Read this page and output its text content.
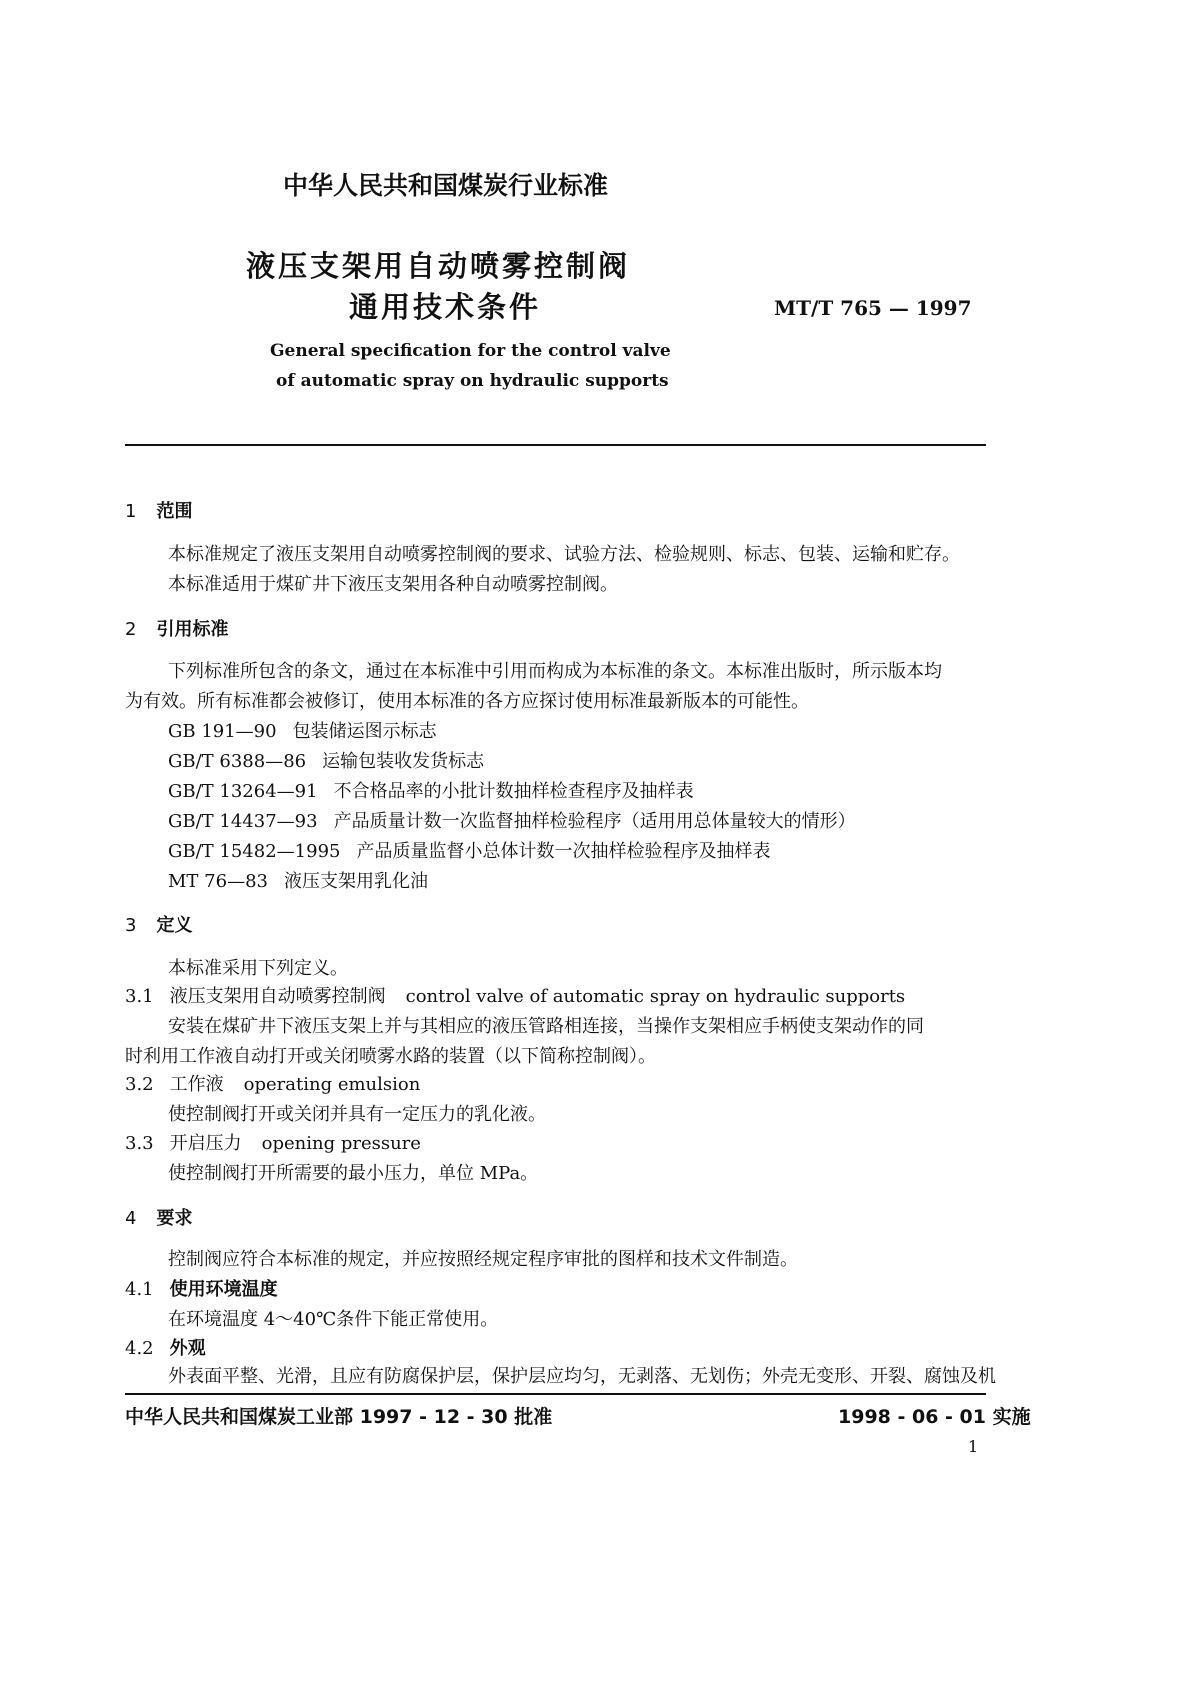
中华人民共和国煤炭行业标准
液压支架用自动喷雾控制阀
通用技术条件	MT/T 765 — 1997
General specification for the control valve
of automatic spray on hydraulic supports
1 范围
本标准规定了液压支架用自动喷雾控制阀的要求、试验方法、检验规则、标志、包装、运输和贮存。
本标准适用于煤矿井下液压支架用各种自动喷雾控制阀。
2 引用标准
下列标准所包含的条文，通过在本标准中引用而构成为本标准的条文。本标准出版时，所示版本均
为有效。所有标准都会被修订，使用本标准的各方应探讨使用标准最新版本的可能性。
GB 191—90 包装储运图示标志
GB/T 6388—86 运输包装收发货标志
GB/T 13264—91 不合格品率的小批计数抽样检查程序及抽样表
GB/T 14437—93 产品质量计数一次监督抽样检验程序（适用用总体量较大的情形）
GB/T 15482—1995 产品质量监督小总体计数一次抽样检验程序及抽样表
MT 76—83 液压支架用乳化油
3 定义
本标准采用下列定义。
3.1 液压支架用自动喷雾控制阀 control valve of automatic spray on hydraulic supports
安装在煤矿井下液压支架上并与其相应的液压管路相连接，当操作支架相应手柄使支架动作的同
时利用工作液自动打开或关闭喷雾水路的装置（以下简称控制阀）。
3.2 工作液 operating emulsion
使控制阀打开或关闭并具有一定压力的乳化液。
3.3 开启压力 opening pressure
使控制阀打开所需要的最小压力，单位 MPa。
4 要求
控制阀应符合本标准的规定，并应按照经规定程序审批的图样和技术文件制造。
4.1 使用环境温度
在环境温度 4～40℃条件下能正常使用。
4.2 外观
外表面平整、光滑，且应有防腐保护层，保护层应均匀，无剥落、无划伤；外壳无变形、开裂、腐蚀及机
中华人民共和国煤炭工业部 1997 - 12 - 30 批准	1998 - 06 - 01 实施
1
